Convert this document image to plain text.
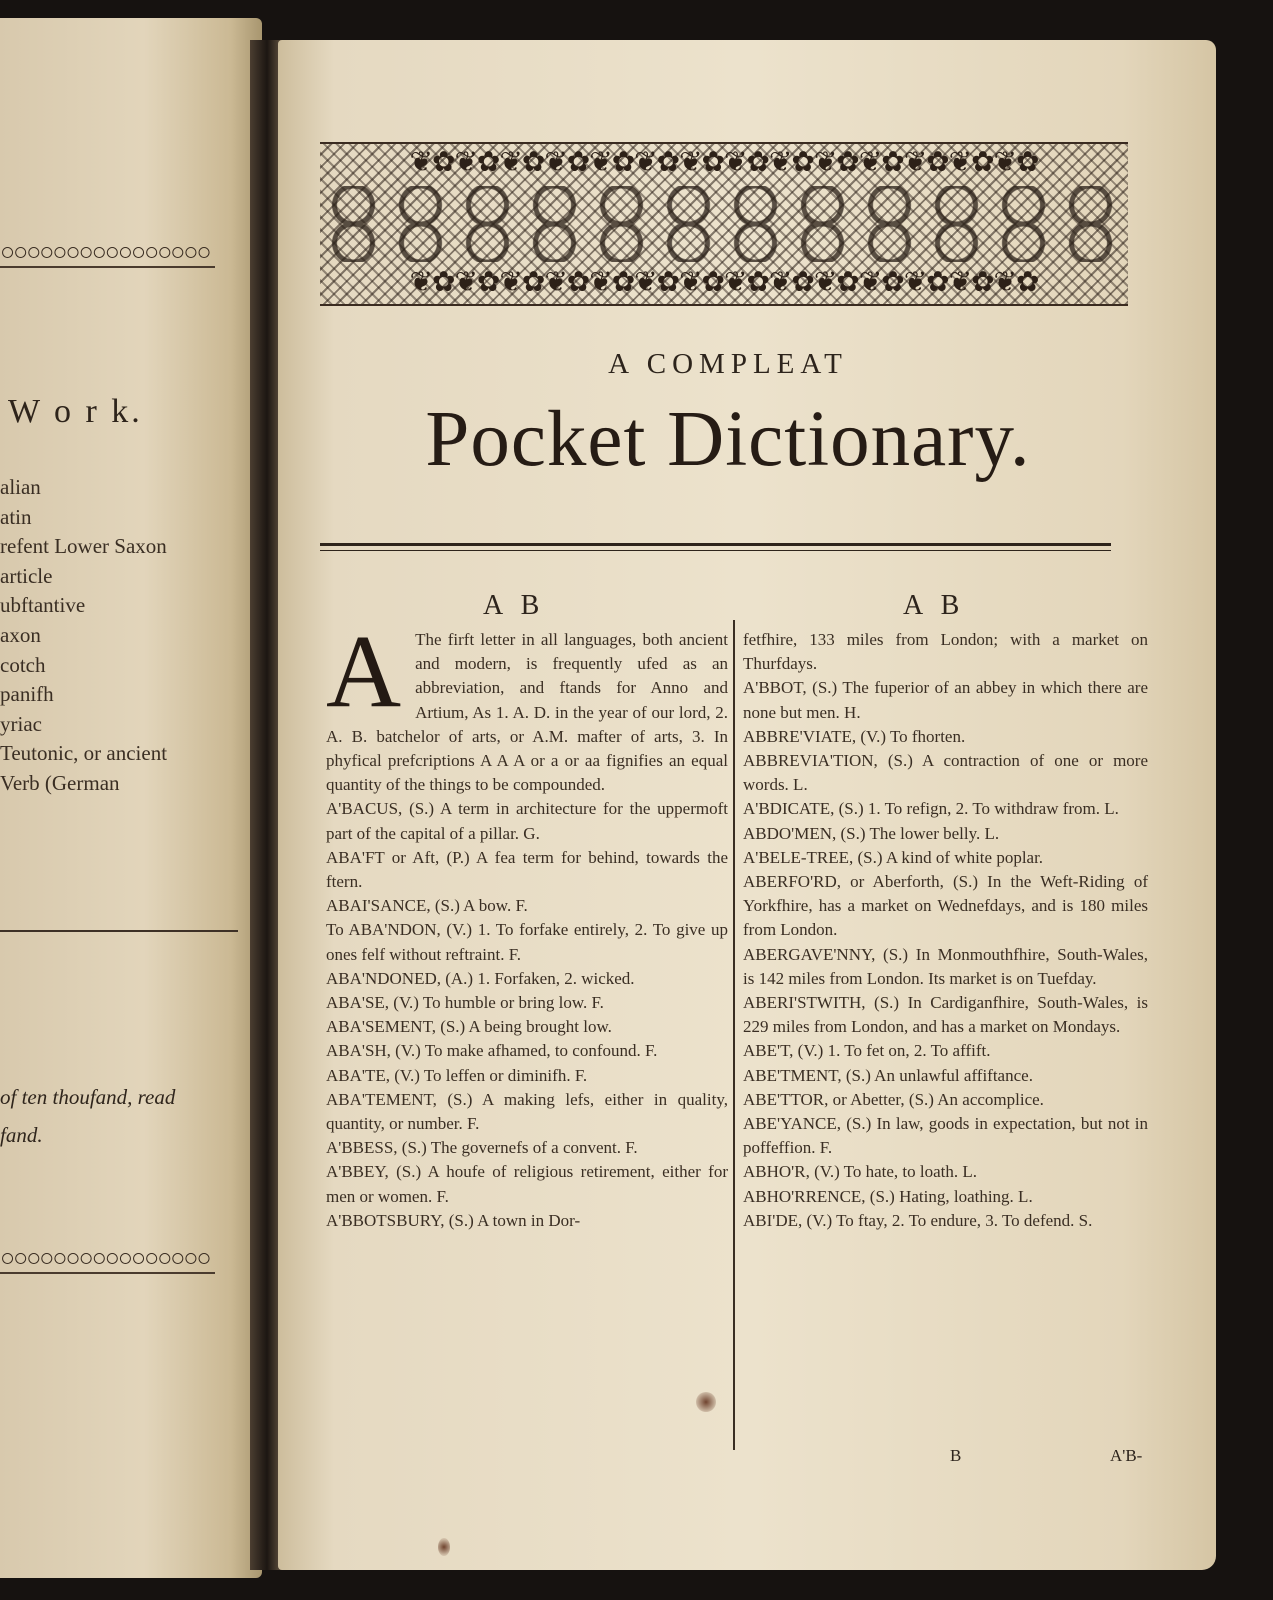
○○○○○○○○○○○○○○○○
W o r k.
alian
atin
refent Lower Saxon
article
ubftantive
axon
cotch
panifh
yriac
Teutonic, or ancient
Verb (German
of ten thoufand, read
fand.
○○○○○○○○○○○○○○○○
❦✿❦✿❦✿❦✿❦✿❦✿❦✿❦✿❦✿❦✿❦✿❦✿❦✿❦✿
❦✿❦✿❦✿❦✿❦✿❦✿❦✿❦✿❦✿❦✿❦✿❦✿❦✿❦✿
A COMPLEAT
Pocket Dictionary.
A B	A B
A The firft letter in all languages, both ancient and modern, is frequently ufed as an abbreviation, and ftands for Anno and Artium, As 1. A. D. in the year of our lord, 2. A. B. batchelor of arts, or A.M. mafter of arts, 3. In phyfical prefcriptions A A A or a or aa fignifies an equal quantity of the things to be compounded.

A'BACUS, (S.) A term in architecture for the uppermoft part of the capital of a pillar. G.

ABA'FT or Aft, (P.) A fea term for behind, towards the ftern.

ABAI'SANCE, (S.) A bow. F.

To ABA'NDON, (V.) 1. To forfake entirely, 2. To give up ones felf without reftraint. F.

ABA'NDONED, (A.) 1. Forfaken, 2. wicked.

ABA'SE, (V.) To humble or bring low. F.

ABA'SEMENT, (S.) A being brought low.

ABA'SH, (V.) To make afhamed, to confound. F.

ABA'TE, (V.) To leffen or diminifh. F.

ABA'TEMENT, (S.) A making lefs, either in quality, quantity, or number. F.

A'BBESS, (S.) The governefs of a convent. F.

A'BBEY, (S.) A houfe of religious retirement, either for men or women. F.

A'BBOTSBURY, (S.) A town in Dor-

fetfhire, 133 miles from London; with a market on Thurfdays.

A'BBOT, (S.) The fuperior of an abbey in which there are none but men. H.

ABBRE'VIATE, (V.) To fhorten.

ABBREVIA'TION, (S.) A contraction of one or more words. L.

A'BDICATE, (S.) 1. To refign, 2. To withdraw from. L.

ABDO'MEN, (S.) The lower belly. L.

A'BELE-TREE, (S.) A kind of white poplar.

ABERFO'RD, or Aberforth, (S.) In the Weft-Riding of Yorkfhire, has a market on Wednefdays, and is 180 miles from London.

ABERGAVE'NNY, (S.) In Monmouthfhire, South-Wales, is 142 miles from London. Its market is on Tuefday.

ABERI'STWITH, (S.) In Cardiganfhire, South-Wales, is 229 miles from London, and has a market on Mondays.

ABE'T, (V.) 1. To fet on, 2. To affift.

ABE'TMENT, (S.) An unlawful affiftance.

ABE'TTOR, or Abetter, (S.) An accomplice.

ABE'YANCE, (S.) In law, goods in expectation, but not in poffeffion. F.

ABHO'R, (V.) To hate, to loath. L.

ABHO'RRENCE, (S.) Hating, loathing. L.

ABI'DE, (V.) To ftay, 2. To endure, 3. To defend. S.

B	A'B-
